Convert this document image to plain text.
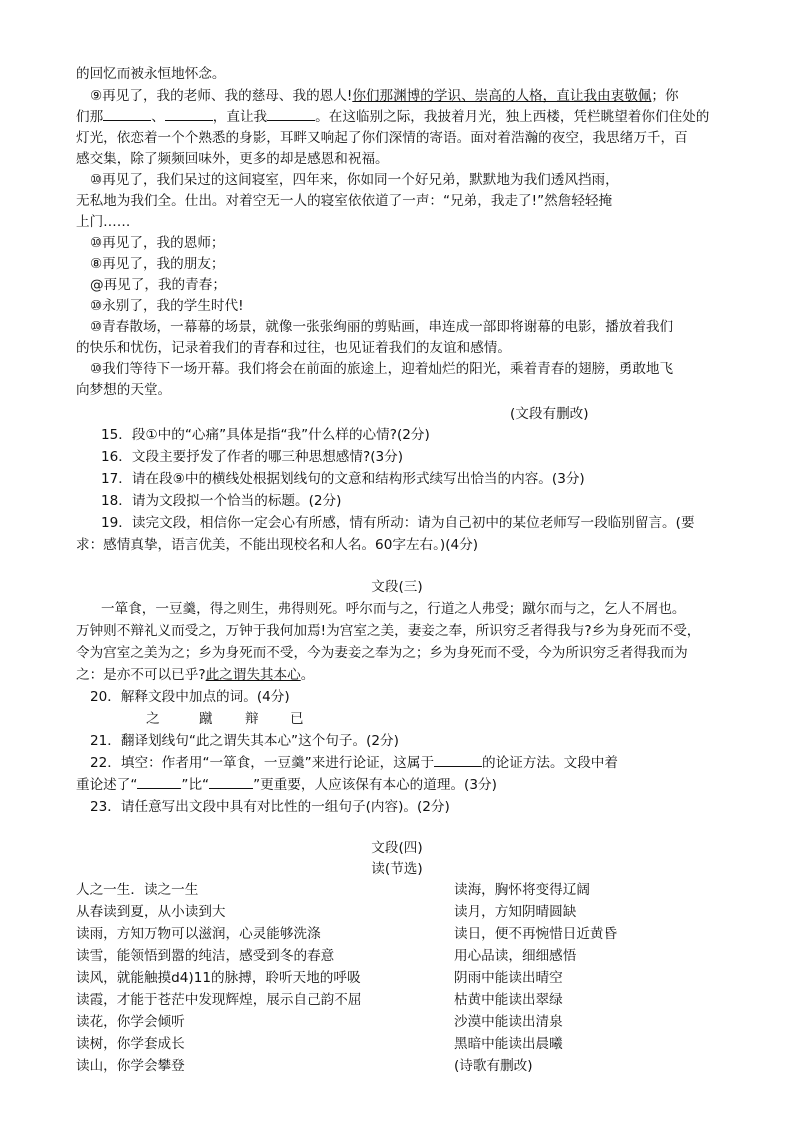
的回忆而被永恒地怀念。
⑨再见了，我的老师、我的慈母、我的恩人!你们那渊博的学识、崇高的人格，直让我由衷敬佩；你
们那	、	，直让我	。在这临别之际，我披着月光，独上西楼，凭栏眺望着你们住处的
灯光，依恋着一个个熟悉的身影，耳畔又响起了你们深情的寄语。面对着浩瀚的夜空，我思绪万千，百
感交集，除了频频回味外，更多的却是感恩和祝福。
⑩再见了，我们呆过的这间寝室，四年来，你如同一个好兄弟，默默地为我们透风挡雨，
无私地为我们全。仕出。对着空无一人的寝室依依道了一声：“兄弟，我走了!”然詹轻轻掩
上门……
⑩再见了，我的恩师；
⑧再见了，我的朋友；
@再见了，我的青春；
⑩永别了，我的学生时代!
⑩青春散场，一幕幕的场景，就像一张张绚丽的剪贴画，串连成一部即将谢幕的电影，播放着我们
的快乐和忧伤，记录着我们的青春和过往，也见证着我们的友谊和感情。
⑩我们等待下一场开幕。我们将会在前面的旅途上，迎着灿烂的阳光，乘着青春的翅膀，勇敢地飞
向梦想的天堂。
(文段有删改)
15．段①中的“心痛”具体是指“我”什么样的心情?(2分)
16．文段主要抒发了作者的哪三种思想感情?(3分)
17．请在段⑨中的横线处根据划线句的文意和结构形式续写出恰当的内容。(3分)
18．请为文段拟一个恰当的标题。(2分)
19．读完文段，相信你一定会心有所感，情有所动：请为自己初中的某位老师写一段临别留言。(要
求：感情真挚，语言优美，不能出现校名和人名。60字左右。)(4分)
文段(三)
一箪食，一豆羹，得之则生，弗得则死。呼尔而与之，行道之人弗受；蹴尔而与之，乞人不屑也。
万钟则不辩礼义而受之，万钟于我何加焉!为宫室之美，妻妾之奉，所识穷乏者得我与?乡为身死而不受，
令为宫室之美为之；乡为身死而不受，今为妻妾之奉为之；乡为身死而不受，今为所识穷乏者得我而为
之：是亦不可以已乎?此之谓失其本心。
20．解释文段中加点的词。(4分)
之	蹴 辩 已
21．翻译划线句“此之谓失其本心”这个句子。(2分)
22．填空：作者用“一箪食，一豆羹”来进行论证，这属于	的论证方法。文段中着
重论述了“	”比“	”更重要，人应该保有本心的道理。(3分)
23．请任意写出文段中具有对比性的一组句子(内容)。(2分)
文段(四)
读(节选)
人之一生．读之一生
从春读到夏，从小读到大
读雨，方知万物可以滋润，心灵能够洗涤
读雪，能领悟到嚣的纯洁，感受到冬的春意
读风，就能触摸d4)11的脉搏，聆听天地的呼吸
读霞，才能于苍茫中发现辉煌，展示自己韵不屈
读花，你学会倾听
读树，你学套成长
读山，你学会攀登
读海，胸怀将变得辽阔
读月，方知阴晴圆缺
读日，便不再惋惜日近黄昏
用心品读，细细感悟
阴雨中能读出晴空
枯黄中能读出翠绿
沙漠中能读出清泉
黑暗中能读出晨曦
(诗歌有删改)
